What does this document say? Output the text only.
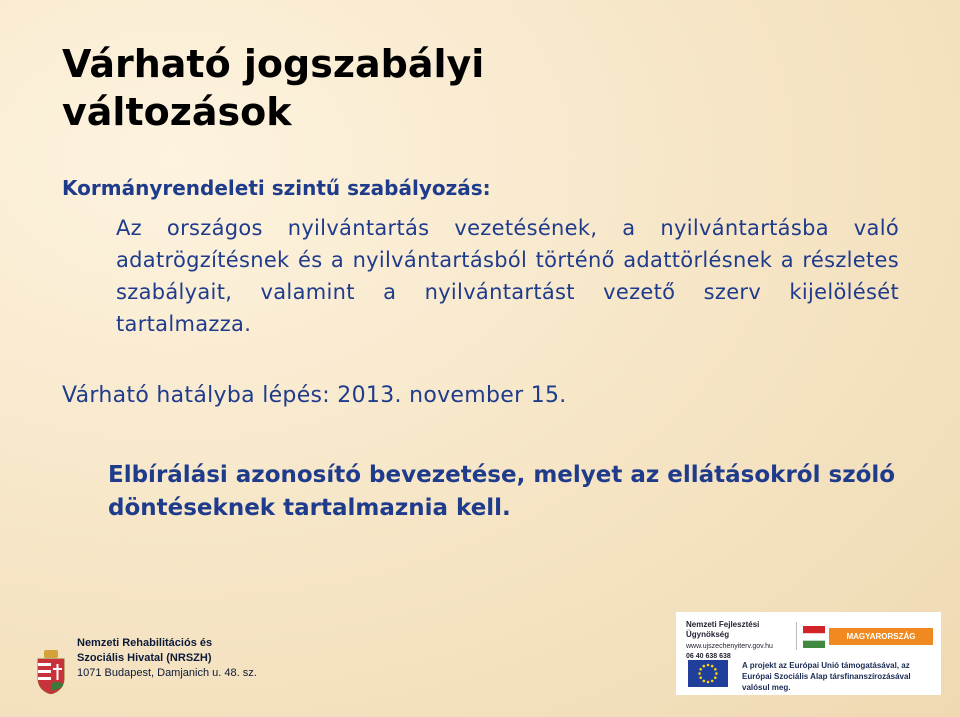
Várható jogszabályi változások
Kormányrendeleti szintű szabályozás:
Az országos nyilvántartás vezetésének, a nyilvántartásba való adatrögzítésnek és a nyilvántartásból történő adattörlésnek a részletes szabályait, valamint a nyilvántartást vezető szerv kijelölését tartalmazza.
Várható hatályba lépés: 2013. november 15.
Elbírálási azonosító bevezetése, melyet az ellátásokról szóló döntéseknek tartalmaznia kell.
Nemzeti Rehabilitációs és Szociális Hivatal (NRSZH)
1071 Budapest, Damjanich u. 48. sz.
Nemzeti Fejlesztési Ügynökség
www.ujszechenyiterv.gov.hu
06 40 638 638
MAGYARORSZÁG MEGÚJUL
A projekt az Európai Unió támogatásával, az Európai Szociális Alap társfinanszírozásával valósul meg.
